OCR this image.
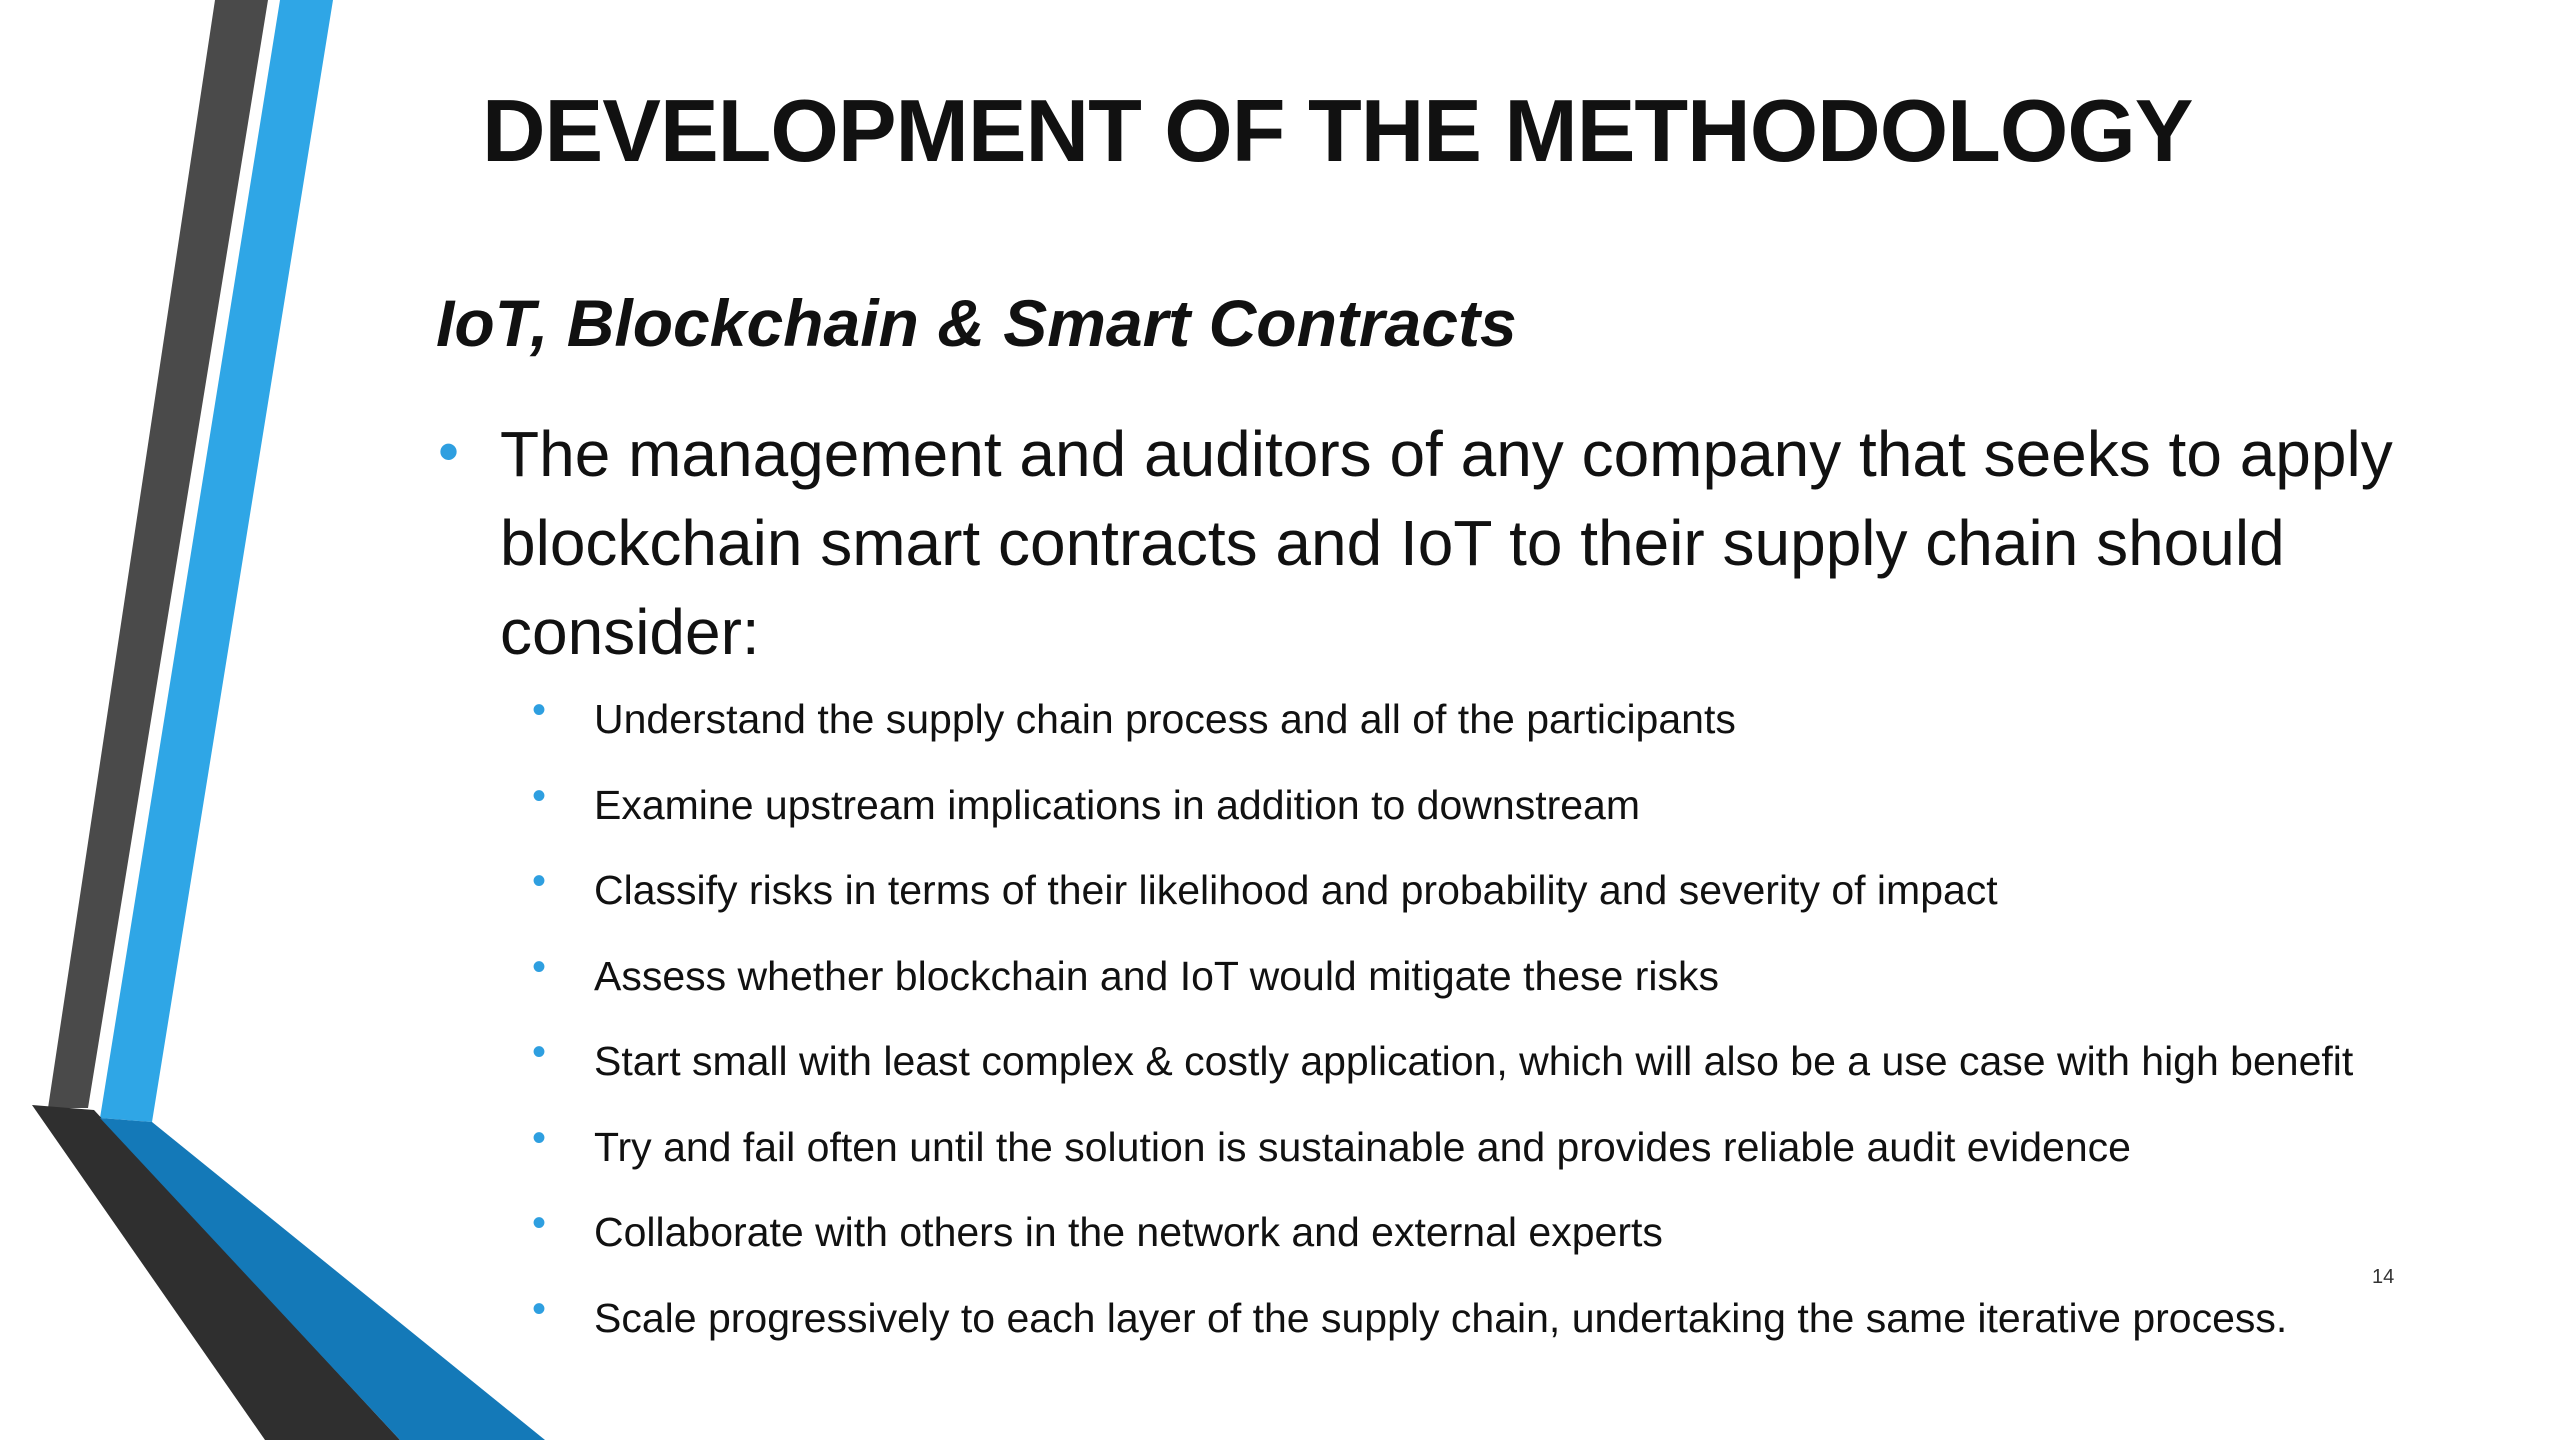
DEVELOPMENT OF THE METHODOLOGY
IoT, Blockchain & Smart Contracts
• The management and auditors of any company that seeks to apply blockchain smart contracts and IoT to their supply chain should consider:

• Understand the supply chain process and all of the participants
• Examine upstream implications in addition to downstream
• Classify risks in terms of their likelihood and probability and severity of impact
• Assess whether blockchain and IoT would mitigate these risks
• Start small with least complex & costly application, which will also be a use case with high benefit
• Try and fail often until the solution is sustainable and provides reliable audit evidence
• Collaborate with others in the network and external experts
• Scale progressively to each layer of the supply chain, undertaking the same iterative process.
14
